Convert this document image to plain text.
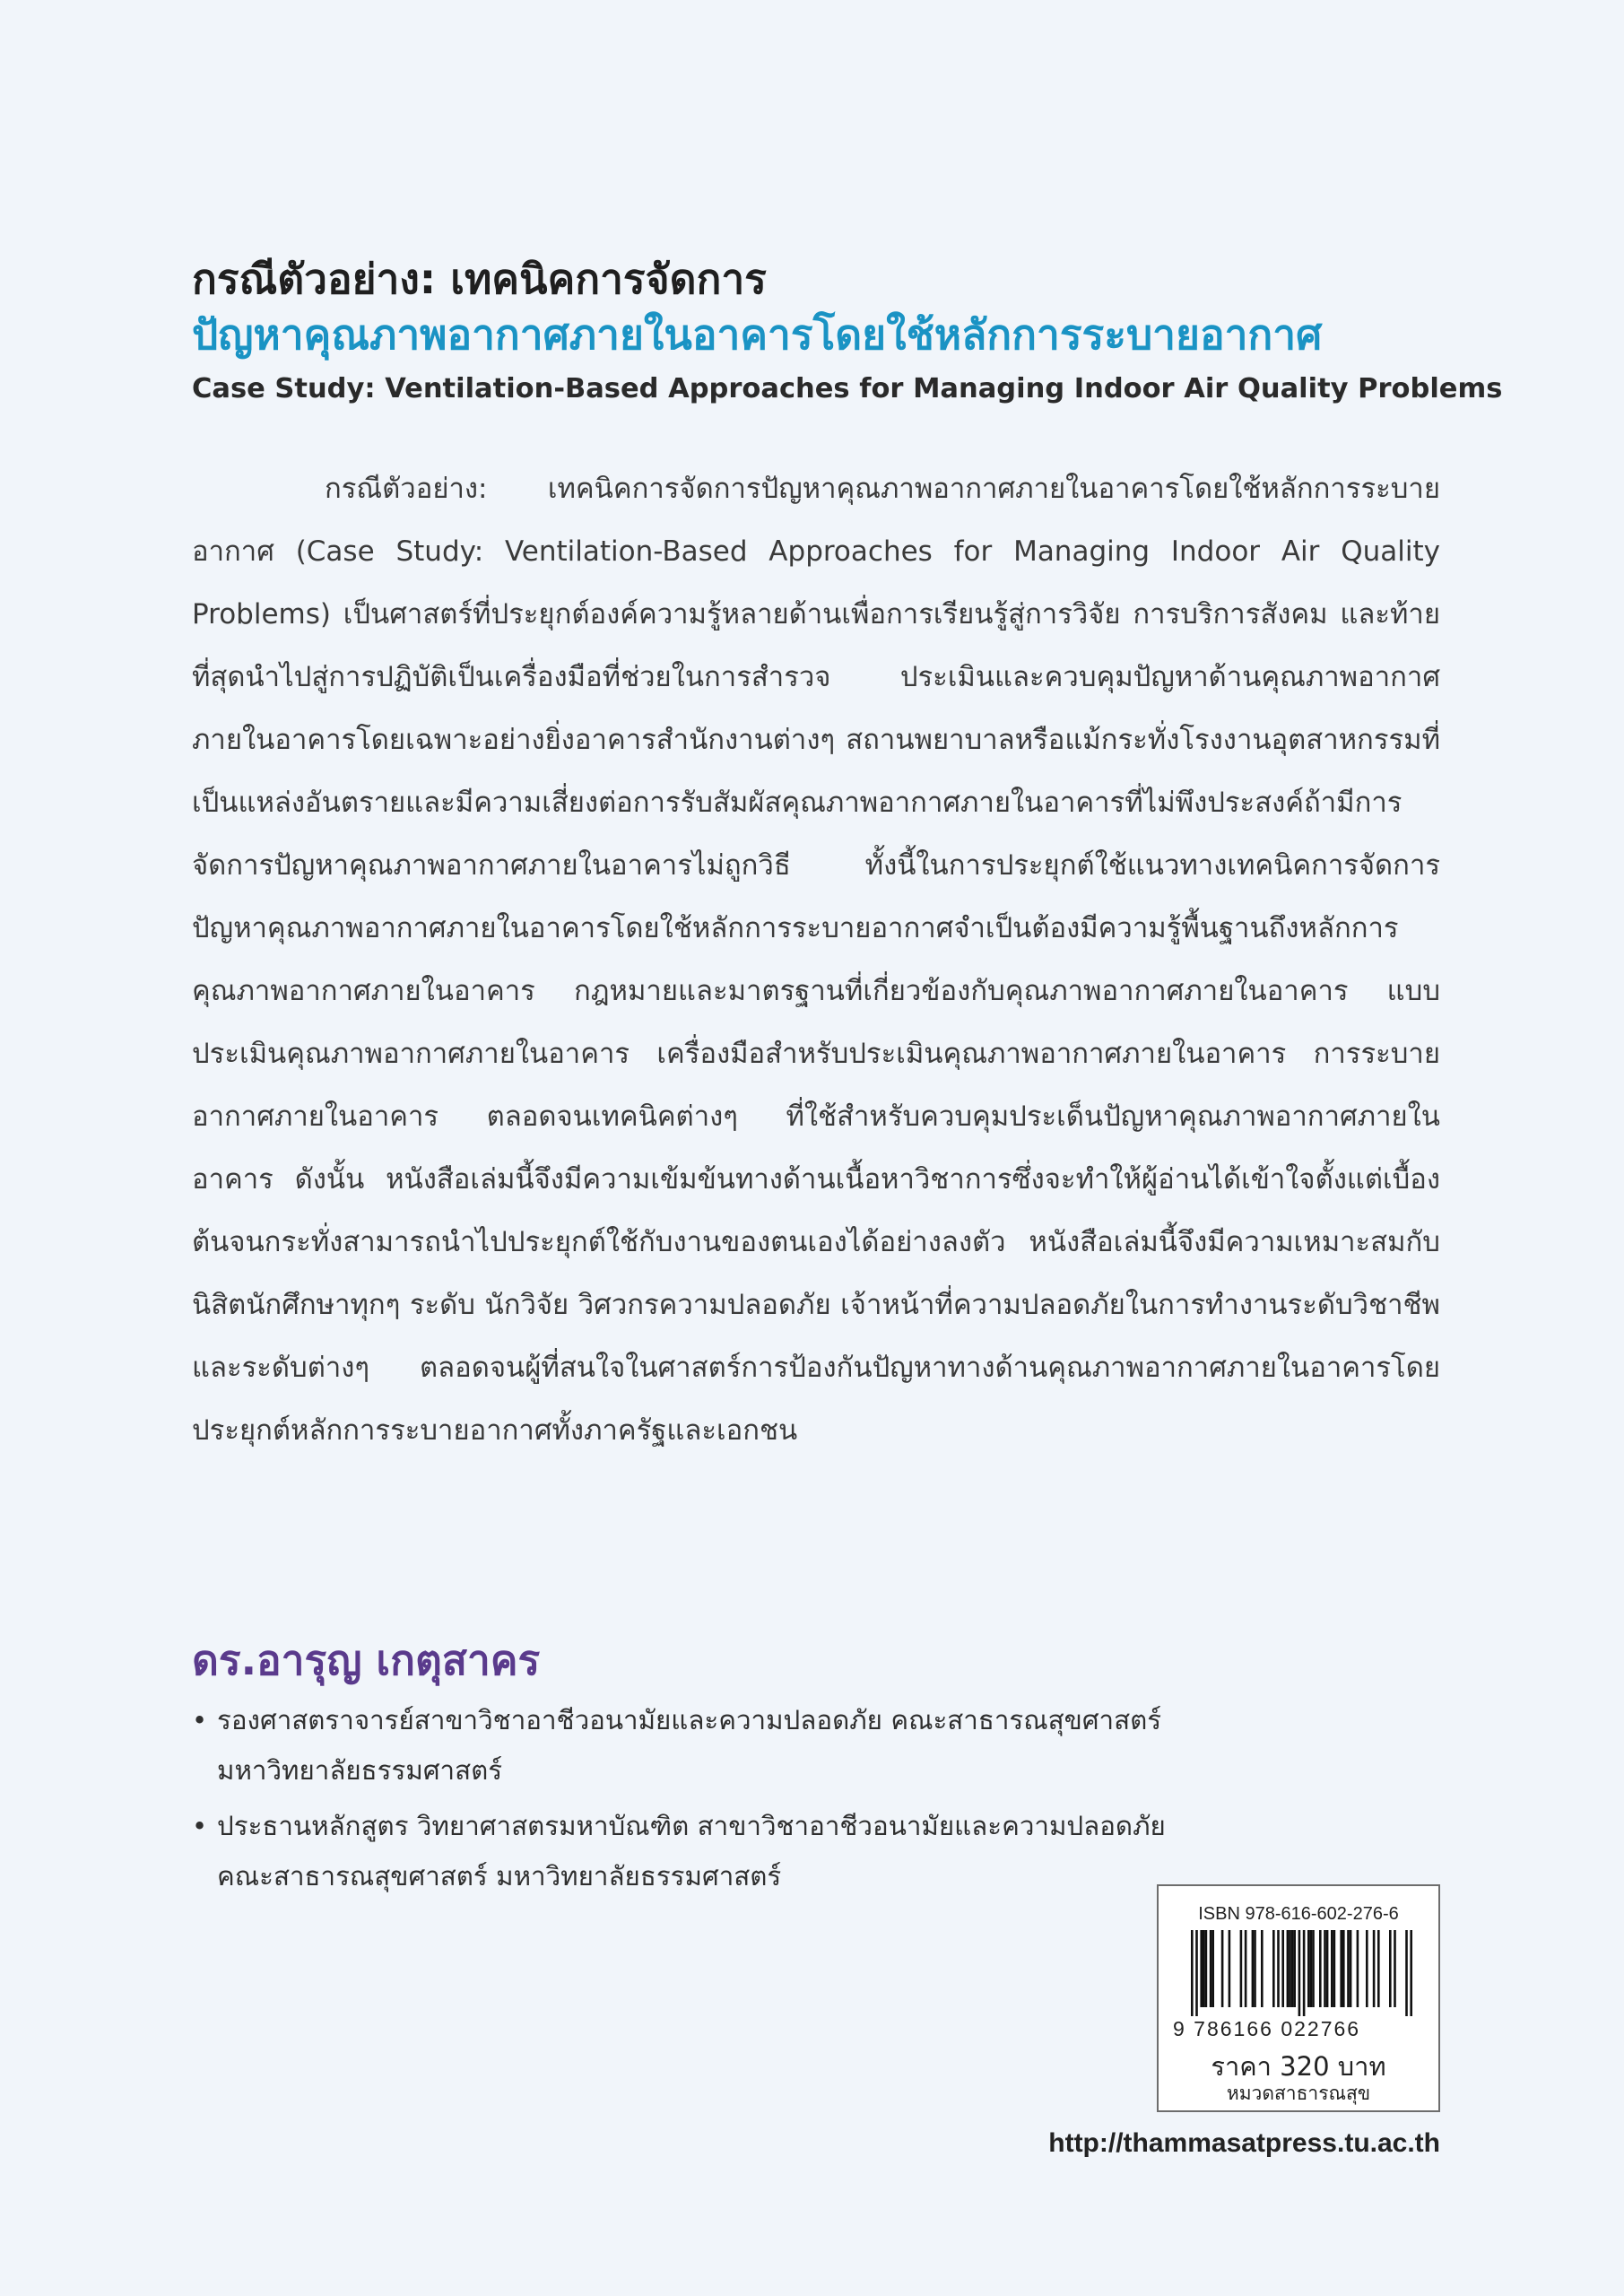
กรณีตัวอย่าง: เทคนิคการจัดการ
ปัญหาคุณภาพอากาศภายในอาคารโดยใช้หลักการระบายอากาศ
Case Study: Ventilation-Based Approaches for Managing Indoor Air Quality Problems
กรณีตัวอย่าง: เทคนิคการจัดการปัญหาคุณภาพอากาศภายในอาคารโดยใช้หลักการระบายอากาศ (Case Study: Ventilation-Based Approaches for Managing Indoor Air Quality Problems) เป็นศาสตร์ที่ประยุกต์องค์ความรู้หลายด้านเพื่อการเรียนรู้สู่การวิจัย การบริการสังคม และท้ายที่สุดนำไปสู่การปฏิบัติเป็นเครื่องมือที่ช่วยในการสำรวจ ประเมินและควบคุมปัญหาด้านคุณภาพอากาศภายในอาคารโดยเฉพาะอย่างยิ่งอาคารสำนักงานต่างๆ สถานพยาบาลหรือแม้กระทั่งโรงงานอุตสาหกรรมที่เป็นแหล่งอันตรายและมีความเสี่ยงต่อการรับสัมผัสคุณภาพอากาศภายในอาคารที่ไม่พึงประสงค์ถ้ามีการจัดการปัญหาคุณภาพอากาศภายในอาคารไม่ถูกวิธี ทั้งนี้ในการประยุกต์ใช้แนวทางเทคนิคการจัดการปัญหาคุณภาพอากาศภายในอาคารโดยใช้หลักการระบายอากาศจำเป็นต้องมีความรู้พื้นฐานถึงหลักการคุณภาพอากาศภายในอาคาร กฎหมายและมาตรฐานที่เกี่ยวข้องกับคุณภาพอากาศภายในอาคาร แบบประเมินคุณภาพอากาศภายในอาคาร เครื่องมือสำหรับประเมินคุณภาพอากาศภายในอาคาร การระบายอากาศภายในอาคาร ตลอดจนเทคนิคต่างๆ ที่ใช้สำหรับควบคุมประเด็นปัญหาคุณภาพอากาศภายในอาคาร ดังนั้น หนังสือเล่มนี้จึงมีความเข้มข้นทางด้านเนื้อหาวิชาการซึ่งจะทำให้ผู้อ่านได้เข้าใจตั้งแต่เบื้องต้นจนกระทั่งสามารถนำไปประยุกต์ใช้กับงานของตนเองได้อย่างลงตัว หนังสือเล่มนี้จึงมีความเหมาะสมกับนิสิตนักศึกษาทุกๆ ระดับ นักวิจัย วิศวกรความปลอดภัย เจ้าหน้าที่ความปลอดภัยในการทำงานระดับวิชาชีพและระดับต่างๆ ตลอดจนผู้ที่สนใจในศาสตร์การป้องกันปัญหาทางด้านคุณภาพอากาศภายในอาคารโดยประยุกต์หลักการระบายอากาศทั้งภาครัฐและเอกชน
ดร.อารุญ เกตุสาคร
• รองศาสตราจารย์สาขาวิชาอาชีวอนามัยและความปลอดภัย คณะสาธารณสุขศาสตร์ มหาวิทยาลัยธรรมศาสตร์
• ประธานหลักสูตร วิทยาศาสตรมหาบัณฑิต สาขาวิชาอาชีวอนามัยและความปลอดภัย คณะสาธารณสุขศาสตร์ มหาวิทยาลัยธรรมศาสตร์
ISBN 978-616-602-276-6
9 786166 022766
ราคา 320 บาท
หมวดสาธารณสุข
http://thammasatpress.tu.ac.th
